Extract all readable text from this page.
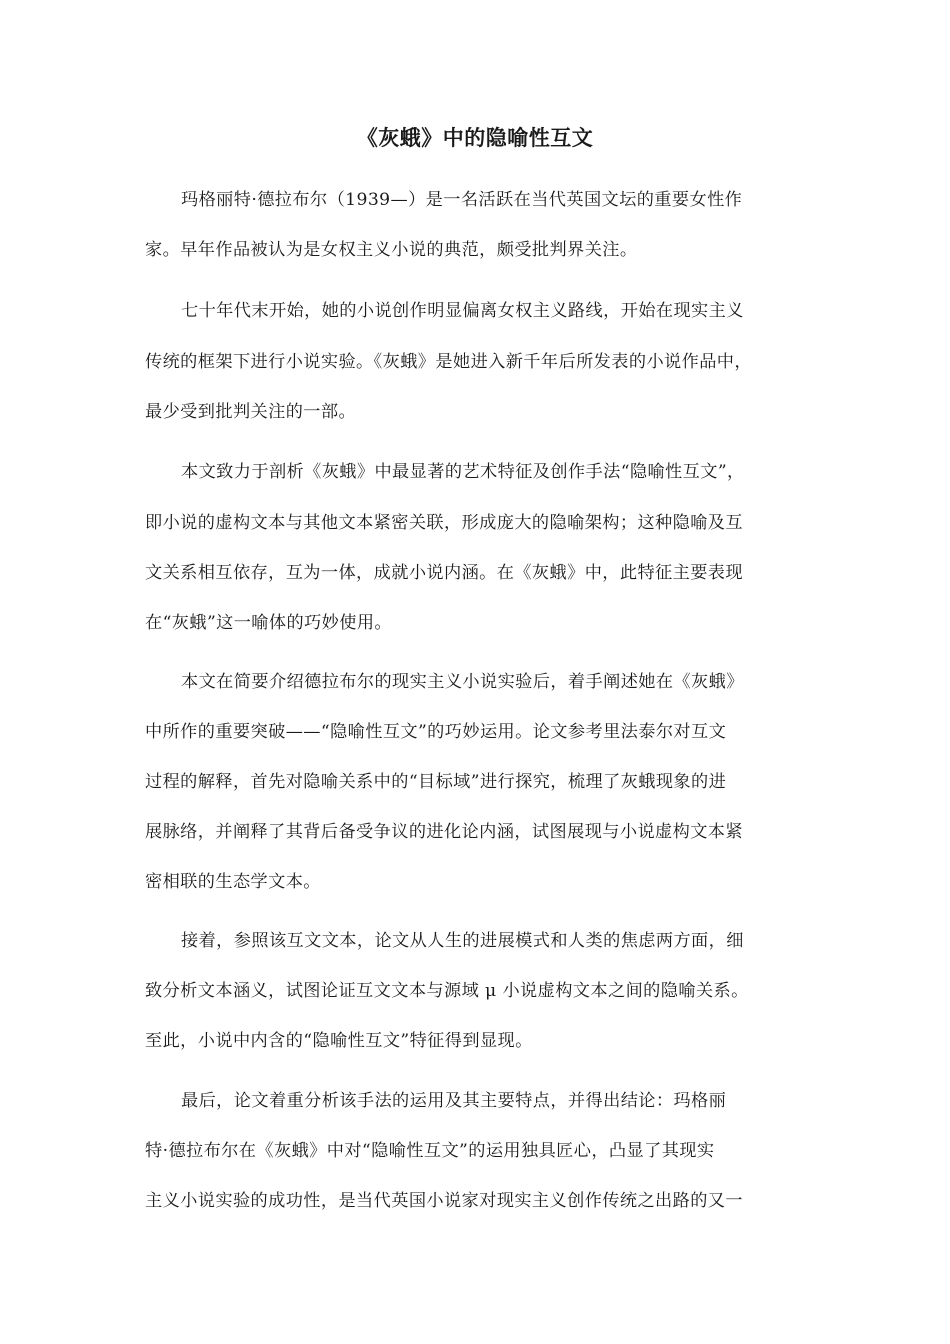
《灰蛾》中的隐喻性互文
玛格丽特·德拉布尔（1939—）是一名活跃在当代英国文坛的重要女性作
家。早年作品被认为是女权主义小说的典范，颇受批判界关注。
七十年代末开始，她的小说创作明显偏离女权主义路线，开始在现实主义
传统的框架下进行小说实验。《灰蛾》是她进入新千年后所发表的小说作品中，
最少受到批判关注的一部。
本文致力于剖析《灰蛾》中最显著的艺术特征及创作手法“隐喻性互文”，
即小说的虚构文本与其他文本紧密关联，形成庞大的隐喻架构；这种隐喻及互
文关系相互依存，互为一体，成就小说内涵。在《灰蛾》中，此特征主要表现
在“灰蛾”这一喻体的巧妙使用。
本文在简要介绍德拉布尔的现实主义小说实验后，着手阐述她在《灰蛾》
中所作的重要突破——“隐喻性互文”的巧妙运用。论文参考里法泰尔对互文
过程的解释，首先对隐喻关系中的“目标域”进行探究，梳理了灰蛾现象的进
展脉络，并阐释了其背后备受争议的进化论内涵，试图展现与小说虚构文本紧
密相联的生态学文本。
接着，参照该互文文本，论文从人生的进展模式和人类的焦虑两方面，细
致分析文本涵义，试图论证互文文本与源域 μ 小说虚构文本之间的隐喻关系。
至此，小说中内含的“隐喻性互文”特征得到显现。
最后，论文着重分析该手法的运用及其主要特点，并得出结论：玛格丽
特·德拉布尔在《灰蛾》中对“隐喻性互文”的运用独具匠心，凸显了其现实
主义小说实验的成功性，是当代英国小说家对现实主义创作传统之出路的又一
